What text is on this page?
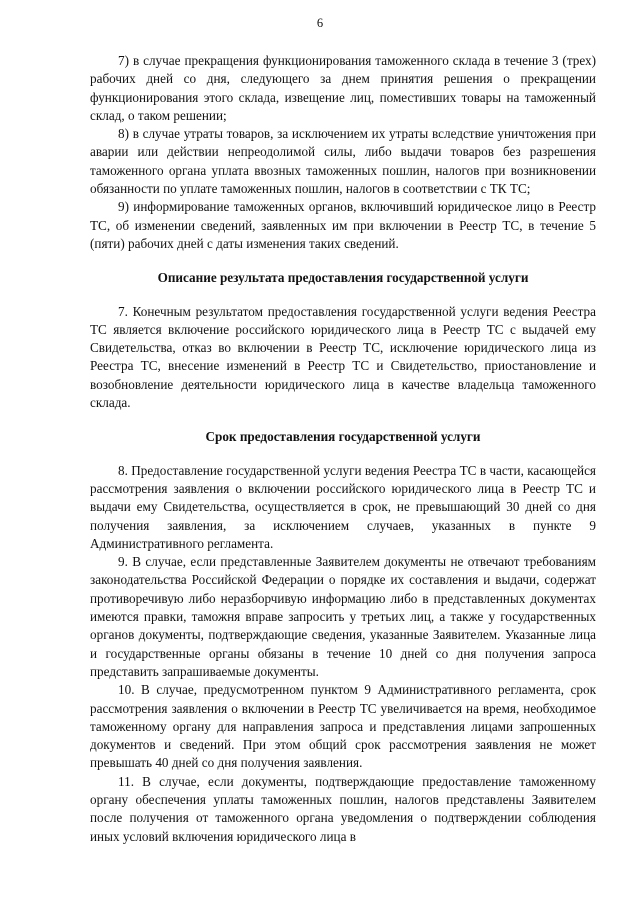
6

7) в случае прекращения функционирования таможенного склада в течение 3 (трех) рабочих дней со дня, следующего за днем принятия решения о прекращении функционирования этого склада, извещение лиц, поместивших товары на таможенный склад, о таком решении;

8) в случае утраты товаров, за исключением их утраты вследствие уничтожения при аварии или действии непреодолимой силы, либо выдачи товаров без разрешения таможенного органа уплата ввозных таможенных пошлин, налогов при возникновении обязанности по уплате таможенных пошлин, налогов в соответствии с ТК ТС;

9) информирование таможенных органов, включивший юридическое лицо в Реестр ТС, об изменении сведений, заявленных им при включении в Реестр ТС, в течение 5 (пяти) рабочих дней с даты изменения таких сведений.

Описание результата предоставления государственной услуги

7. Конечным результатом предоставления государственной услуги ведения Реестра ТС является включение российского юридического лица в Реестр ТС с выдачей ему Свидетельства, отказ во включении в Реестр ТС, исключение юридического лица из Реестра ТС, внесение изменений в Реестр ТС и Свидетельство, приостановление и возобновление деятельности юридического лица в качестве владельца таможенного склада.

Срок предоставления государственной услуги

8. Предоставление государственной услуги ведения Реестра ТС в части, касающейся рассмотрения заявления о включении российского юридического лица в Реестр ТС и выдачи ему Свидетельства, осуществляется в срок, не превышающий 30 дней со дня получения заявления, за исключением случаев, указанных в пункте 9 Административного регламента.

9. В случае, если представленные Заявителем документы не отвечают требованиям законодательства Российской Федерации о порядке их составления и выдачи, содержат противоречивую либо неразборчивую информацию либо в представленных документах имеются правки, таможня вправе запросить у третьих лиц, а также у государственных органов документы, подтверждающие сведения, указанные Заявителем. Указанные лица и государственные органы обязаны в течение 10 дней со дня получения запроса представить запрашиваемые документы.

10. В случае, предусмотренном пунктом 9 Административного регламента, срок рассмотрения заявления о включении в Реестр ТС увеличивается на время, необходимое таможенному органу для направления запроса и представления лицами запрошенных документов и сведений. При этом общий срок рассмотрения заявления не может превышать 40 дней со дня получения заявления.

11. В случае, если документы, подтверждающие предоставление таможенному органу обеспечения уплаты таможенных пошлин, налогов представлены Заявителем после получения от таможенного органа уведомления о подтверждении соблюдения иных условий включения юридического лица в
